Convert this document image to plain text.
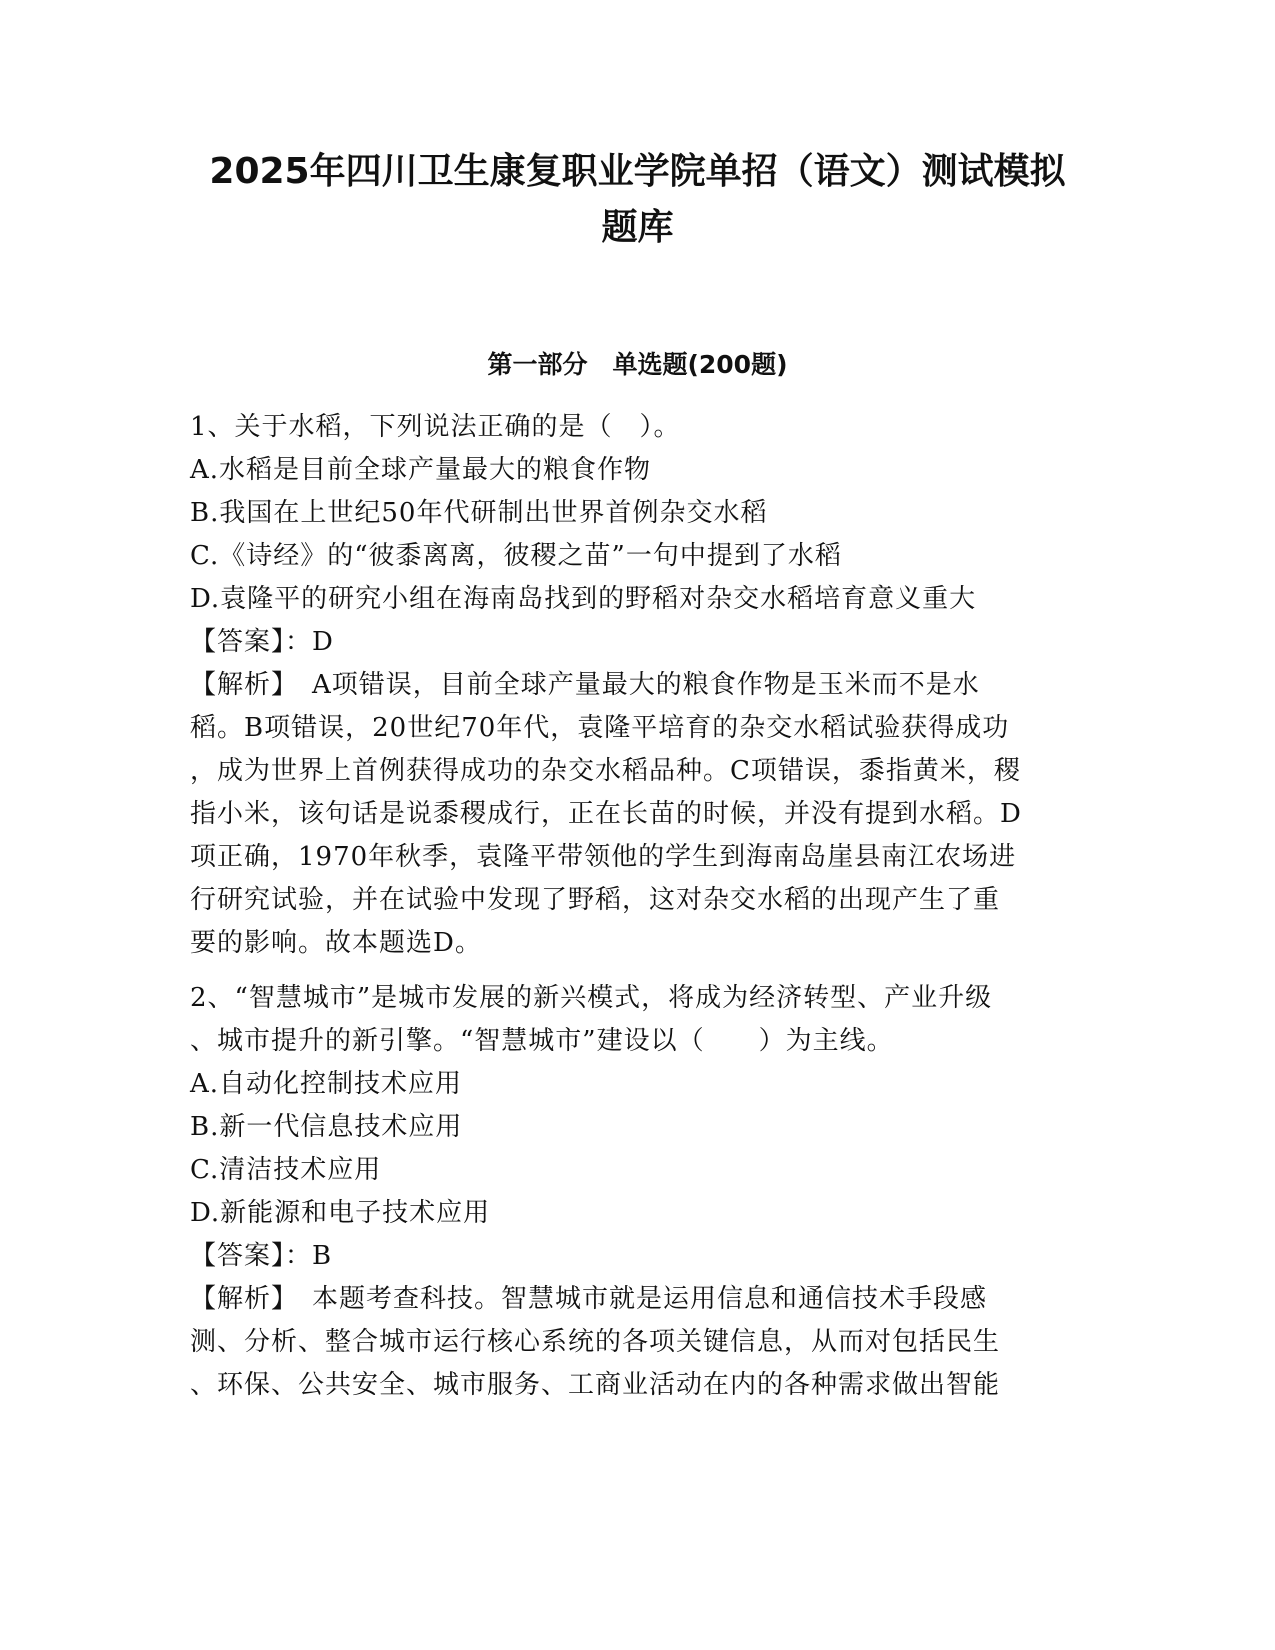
2025年四川卫生康复职业学院单招（语文）测试模拟
题库
第一部分　单选题(200题)
1、关于水稻，下列说法正确的是（　）。
A.水稻是目前全球产量最大的粮食作物
B.我国在上世纪50年代研制出世界首例杂交水稻
C.《诗经》的“彼黍离离，彼稷之苗”一句中提到了水稻
D.袁隆平的研究小组在海南岛找到的野稻对杂交水稻培育意义重大
【答案】：D
【解析】　A项错误，目前全球产量最大的粮食作物是玉米而不是水
稻。B项错误，20世纪70年代，袁隆平培育的杂交水稻试验获得成功
，成为世界上首例获得成功的杂交水稻品种。C项错误，黍指黄米，稷
指小米，该句话是说黍稷成行，正在长苗的时候，并没有提到水稻。D
项正确，1970年秋季，袁隆平带领他的学生到海南岛崖县南江农场进
行研究试验，并在试验中发现了野稻，这对杂交水稻的出现产生了重
要的影响。故本题选D。
2、“智慧城市”是城市发展的新兴模式，将成为经济转型、产业升级
、城市提升的新引擎。“智慧城市”建设以（　　）为主线。
A.自动化控制技术应用
B.新一代信息技术应用
C.清洁技术应用
D.新能源和电子技术应用
【答案】：B
【解析】　本题考查科技。智慧城市就是运用信息和通信技术手段感
测、分析、整合城市运行核心系统的各项关键信息，从而对包括民生
、环保、公共安全、城市服务、工商业活动在内的各种需求做出智能
